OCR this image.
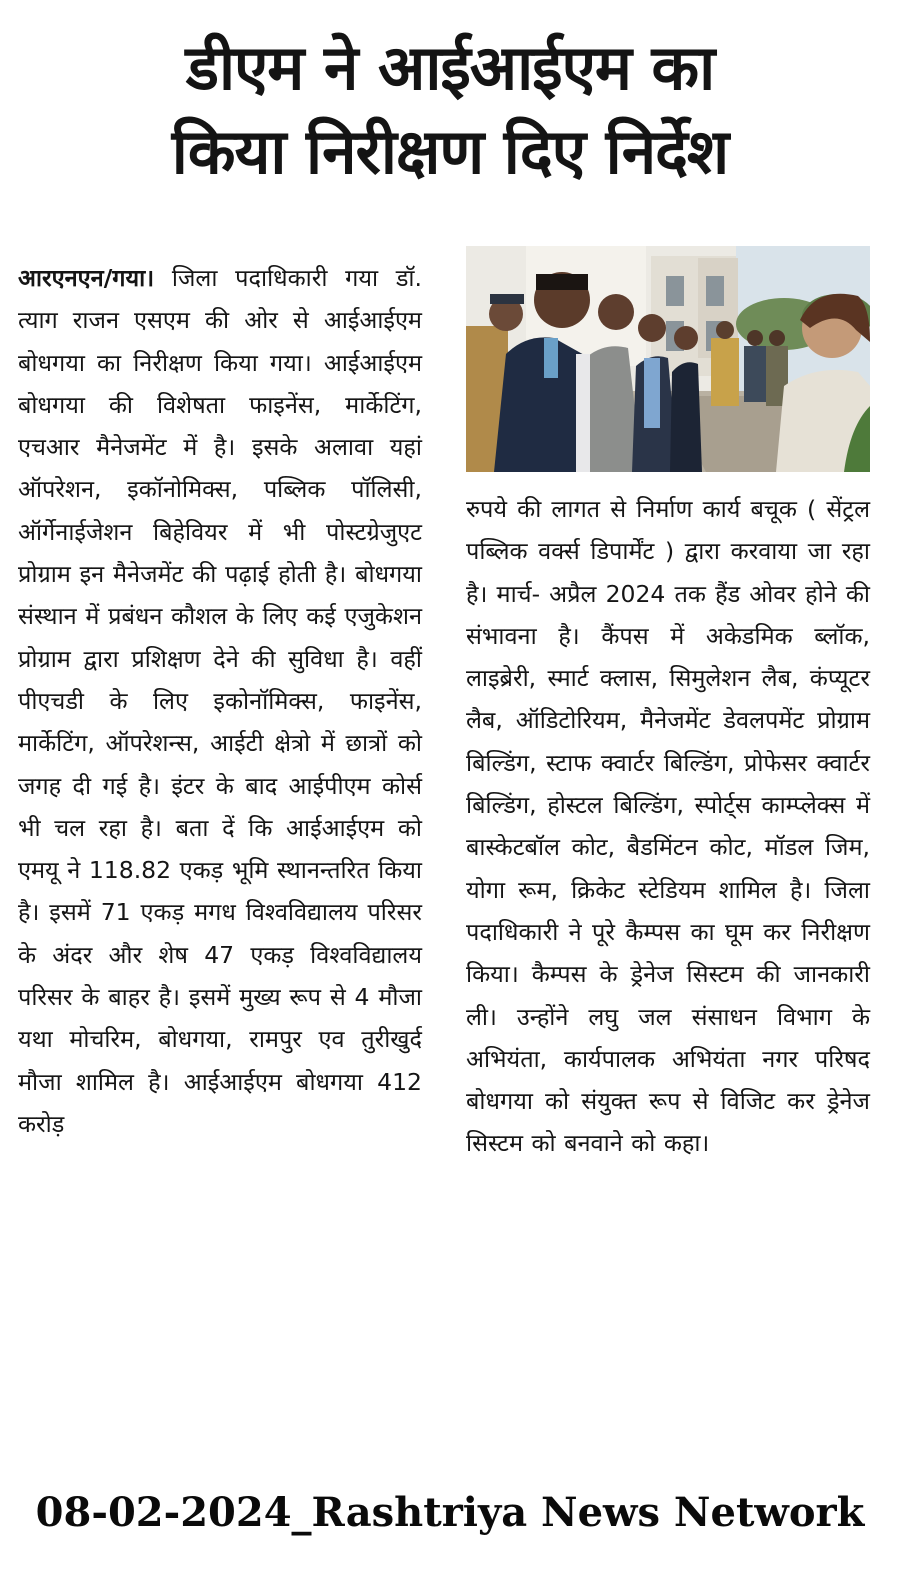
डीएम ने आईआईएम का
किया निरीक्षण दिए निर्देश

आरएनएन/गया। जिला पदाधिकारी गया डॉ. त्याग राजन एसएम की ओर से आईआईएम बोधगया का निरीक्षण किया गया। आईआईएम बोधगया की विशेषता फाइनेंस, मार्केटिंग, एचआर मैनेजमेंट में है। इसके अलावा यहां ऑपरेशन, इकॉनोमिक्स, पब्लिक पॉलिसी, ऑर्गेनाईजेशन बिहेवियर में भी पोस्टग्रेजुएट प्रोग्राम इन मैनेजमेंट की पढ़ाई होती है। बोधगया संस्थान में प्रबंधन कौशल के लिए कई एजुकेशन प्रोग्राम द्वारा प्रशिक्षण देने की सुविधा है। वहीं पीएचडी के लिए इकोनॉमिक्स, फाइनेंस, मार्केटिंग, ऑपरेशन्स, आईटी क्षेत्रो में छात्रों को जगह दी गई है। इंटर के बाद आईपीएम कोर्स भी चल रहा है। बता दें कि आईआईएम को एमयू ने 118.82 एकड़ भूमि स्थानन्तरित किया है। इसमें 71 एकड़ मगध विश्वविद्यालय परिसर के अंदर और शेष 47 एकड़ विश्वविद्यालय परिसर के बाहर है। इसमें मुख्य रूप से 4 मौजा यथा मोचरिम, बोधगया, रामपुर एव तुरीखुर्द मौजा शामिल है। आईआईएम बोधगया 412 करोड़

रुपये की लागत से निर्माण कार्य बचूक ( सेंट्रल पब्लिक वर्क्स डिपार्मेंट ) द्वारा करवाया जा रहा है। मार्च- अप्रैल 2024 तक हैंड ओवर होने की संभावना है। कैंपस में अकेडमिक ब्लॉक, लाइब्रेरी, स्मार्ट क्लास, सिमुलेशन लैब, कंप्यूटर लैब, ऑडिटोरियम, मैनेजमेंट डेवलपमेंट प्रोग्राम बिल्डिंग, स्टाफ क्वार्टर बिल्डिंग, प्रोफेसर क्वार्टर बिल्डिंग, होस्टल बिल्डिंग, स्पोर्ट्स काम्प्लेक्स में बास्केटबॉल कोट, बैडमिंटन कोट, मॉडल जिम, योगा रूम, क्रिकेट स्टेडियम शामिल है। जिला पदाधिकारी ने पूरे कैम्पस का घूम कर निरीक्षण किया। कैम्पस के ड्रेनेज सिस्टम की जानकारी ली। उन्होंने लघु जल संसाधन विभाग के अभियंता, कार्यपालक अभियंता नगर परिषद बोधगया को संयुक्त रूप से विजिट कर ड्रेनेज सिस्टम को बनवाने को कहा।

08-02-2024_Rashtriya News Network
